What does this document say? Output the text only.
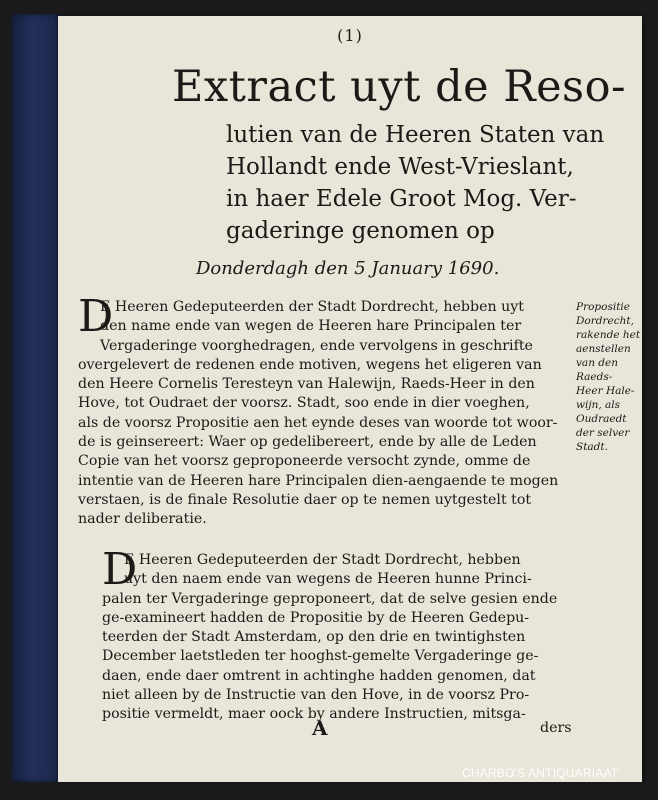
(1)
Extract uyt de Reso-
lutien van de Heeren Staten van
Hollandt ende West-Vrieslant,
in haer Edele Groot Mog. Ver-
gaderinge genomen op
Donderdagh den 5 January 1690.
D
E Heeren Gedeputeerden der Stadt Dordrecht, hebben uyt
den name ende van wegen de Heeren hare Principalen ter
Vergaderinge voorghedragen, ende vervolgens in geschrifte
overgelevert de redenen ende motiven, wegens het eligeren van
den Heere Cornelis Teresteyn van Halewijn, Raeds-Heer in den
Hove, tot Oudraet der voorsz. Stadt, soo ende in dier voeghen,
als de voorsz Propositie aen het eynde deses van woorde tot woor-
de is geinsereert: Waer op gedelibereert, ende by alle de Leden
Copie van het voorsz geproponeerde versocht zynde, omme de
intentie van de Heeren hare Principalen dien-aengaende te mogen
verstaen, is de finale Resolutie daer op te nemen uytgestelt tot
nader deliberatie.
Propositie
Dordrecht,
rakende het
aenstellen
van den
Raeds-
Heer Hale-
wijn, als
Oudraedt
der selver
Stadt.
D
E Heeren Gedeputeerden der Stadt Dordrecht, hebben
uyt den naem ende van wegens de Heeren hunne Princi-
palen ter Vergaderinge geproponeert, dat de selve gesien ende
ge-examineert hadden de Propositie by de Heeren Gedepu-
teerden der Stadt Amsterdam, op den drie en twintighsten
December laetstleden ter hooghst-gemelte Vergaderinge ge-
daen, ende daer omtrent in achtinghe hadden genomen, dat
niet alleen by de Instructie van den Hove, in de voorsz Pro-
positie vermeldt, maer oock by andere Instructien, mitsga-
A	ders
CHARBO'S ANTIQUARIAAT
